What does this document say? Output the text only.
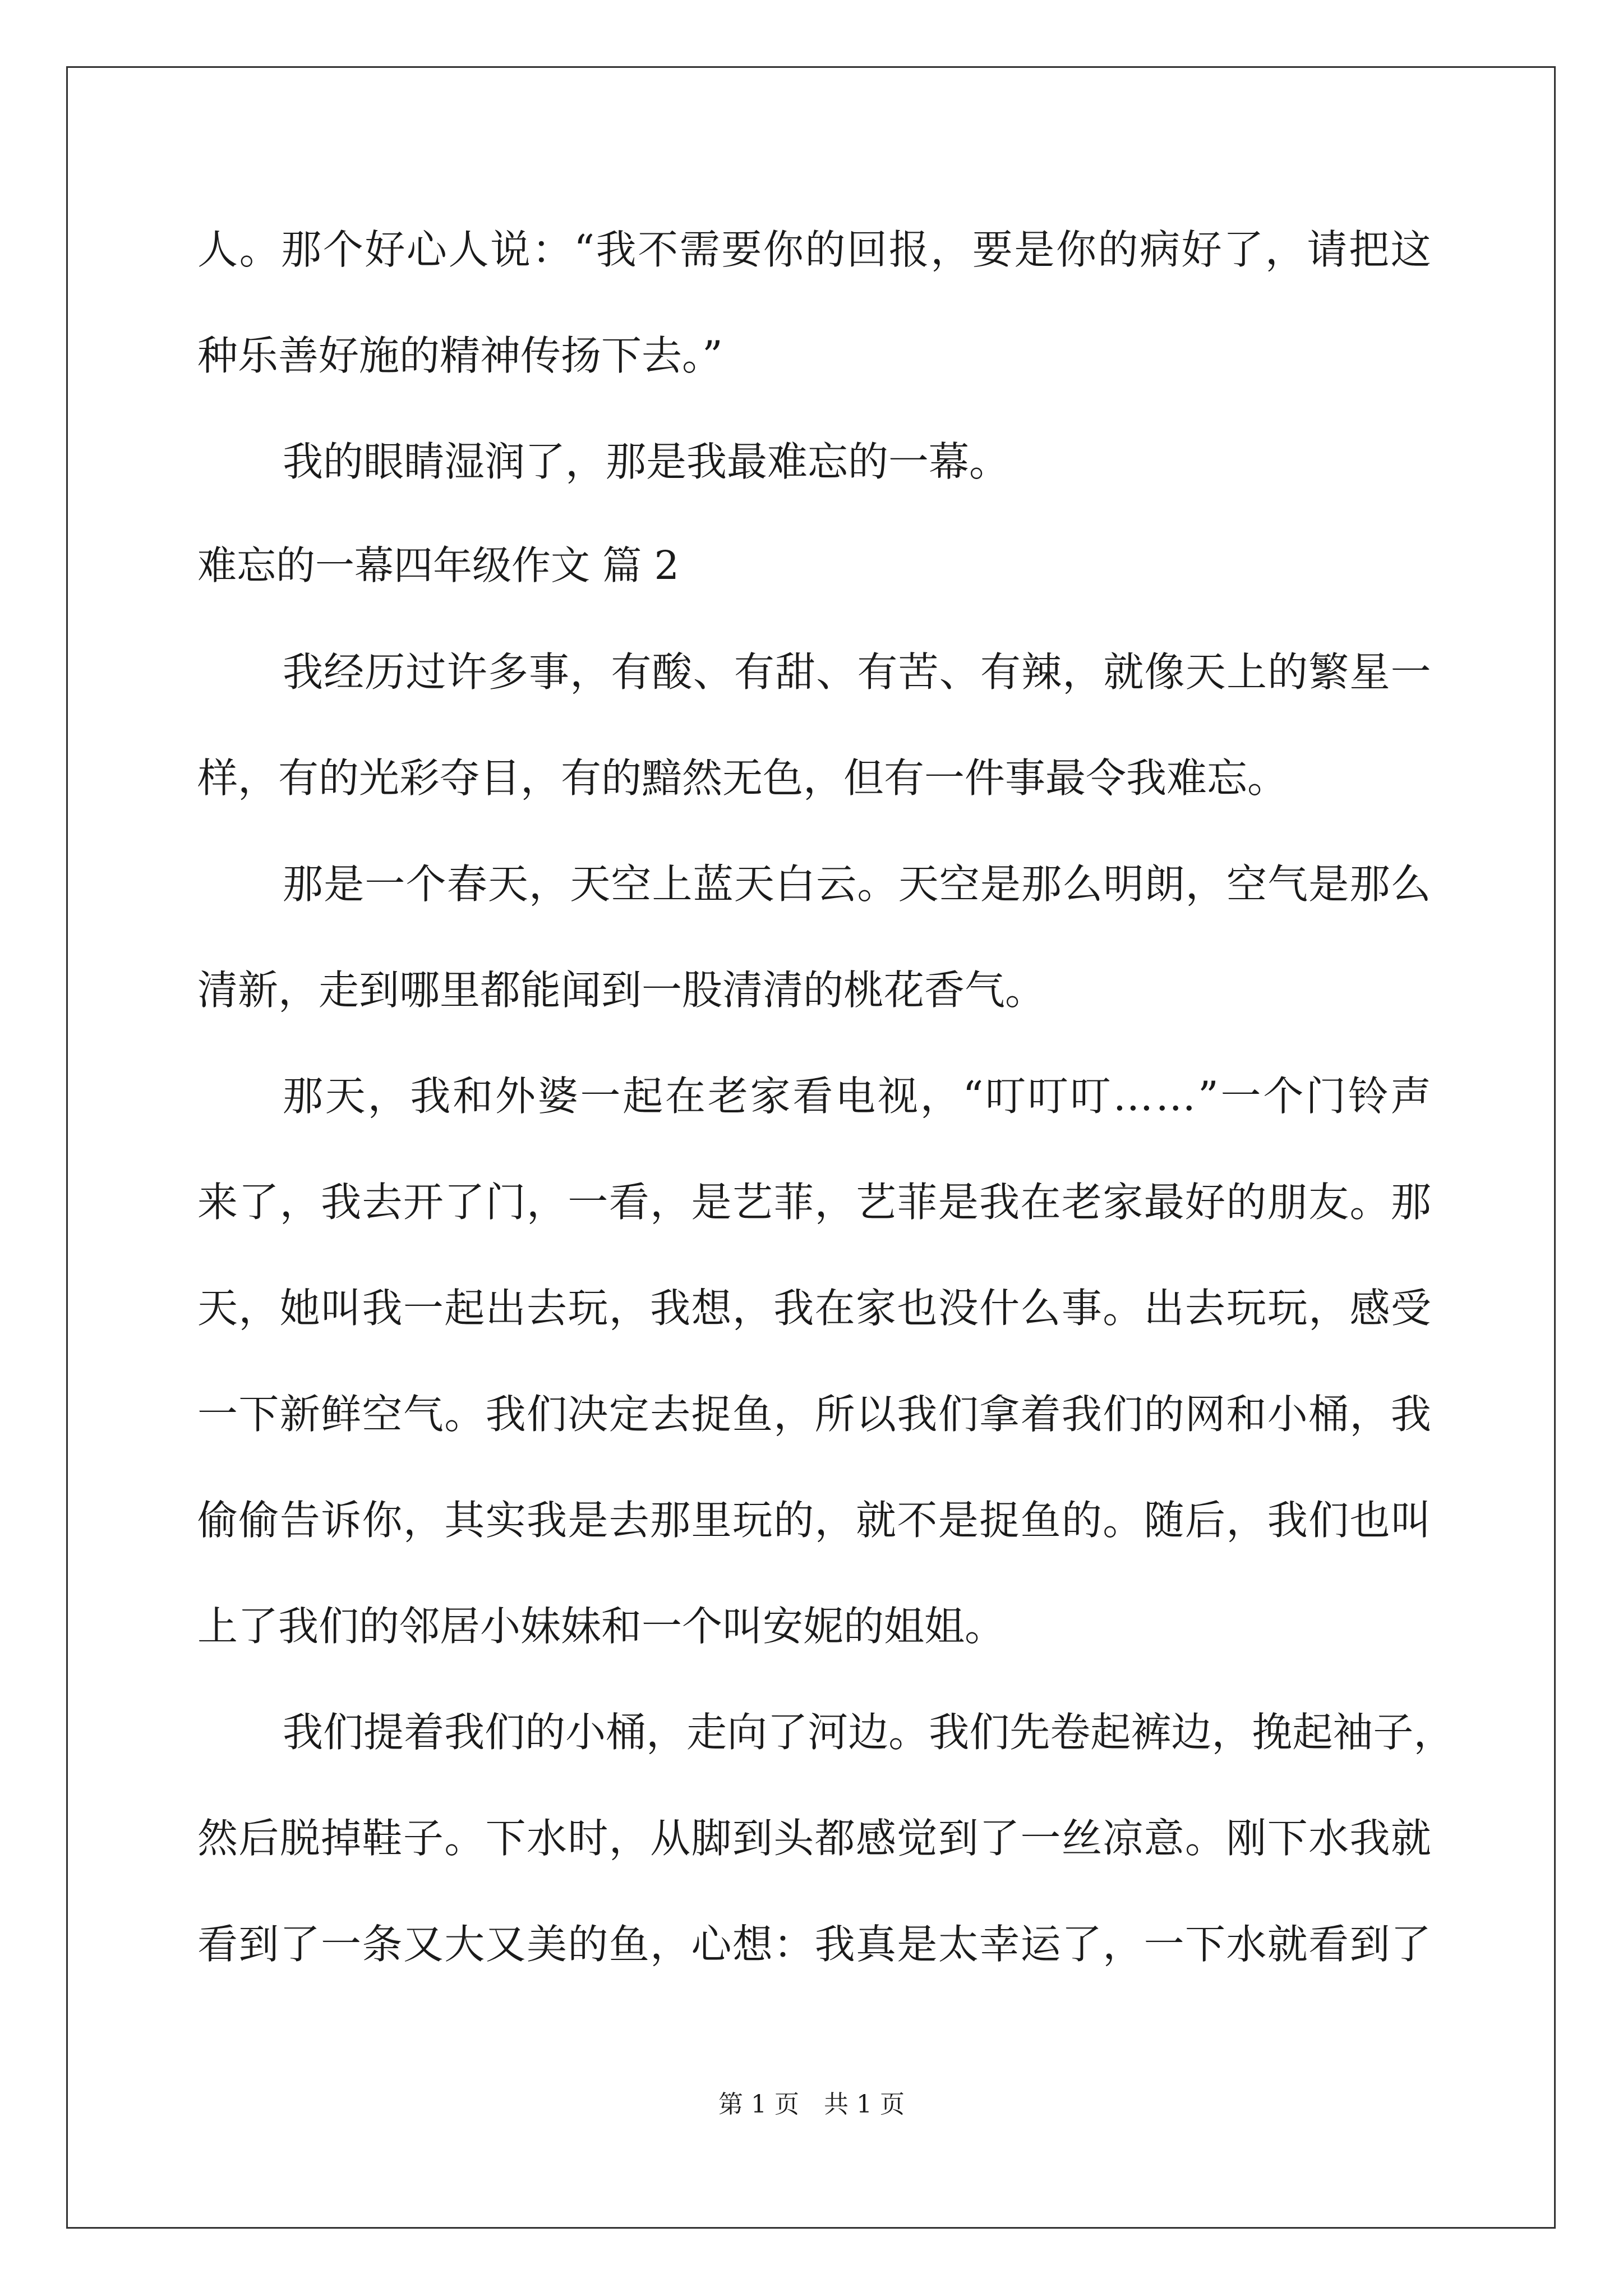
人 。 那 个 好 心 人 说 ： “ 我 不 需 要 你 的 回 报 ， 要 是 你 的 病 好 了 ， 请 把 这
种乐善好施的精神传扬下去。”
我的眼睛湿润了，那是我最难忘的一幕。
难忘的一幕四年级作文 篇 2
我 经 历 过 许 多 事 ， 有 酸 、 有 甜 、 有 苦 、 有 辣 ， 就 像 天 上 的 繁 星 一
样，有的光彩夺目，有的黯然无色，但有一件事最令我难忘。
那 是 一 个 春 天 ， 天 空 上 蓝 天 白 云 。 天 空 是 那 么 明 朗 ， 空 气 是 那 么
清新，走到哪里都能闻到一股清清的桃花香气。
那 天 ， 我 和 外 婆 一 起 在 老 家 看 电 视 ， “ 叮 叮 叮 … … ” 一 个 门 铃 声
来 了 ， 我 去 开 了 门 ， 一 看 ， 是 艺 菲 ， 艺 菲 是 我 在 老 家 最 好 的 朋 友 。 那
天 ， 她 叫 我 一 起 出 去 玩 ， 我 想 ， 我 在 家 也 没 什 么 事 。 出 去 玩 玩 ， 感 受
一 下 新 鲜 空 气 。 我 们 决 定 去 捉 鱼 ， 所 以 我 们 拿 着 我 们 的 网 和 小 桶 ， 我
偷 偷 告 诉 你 ， 其 实 我 是 去 那 里 玩 的 ， 就 不 是 捉 鱼 的 。 随 后 ， 我 们 也 叫
上了我们的邻居小妹妹和一个叫安妮的姐姐。
我 们 提 着 我 们 的 小 桶 ， 走 向 了 河 边 。 我 们 先 卷 起 裤 边 ， 挽 起 袖 子 ，
然 后 脱 掉 鞋 子 。 下 水 时 ， 从 脚 到 头 都 感 觉 到 了 一 丝 凉 意 。 刚 下 水 我 就
看 到 了 一 条 又 大 又 美 的 鱼 ， 心 想 ： 我 真 是 太 幸 运 了 ， 一 下 水 就 看 到 了
第 1 页　共 1 页
